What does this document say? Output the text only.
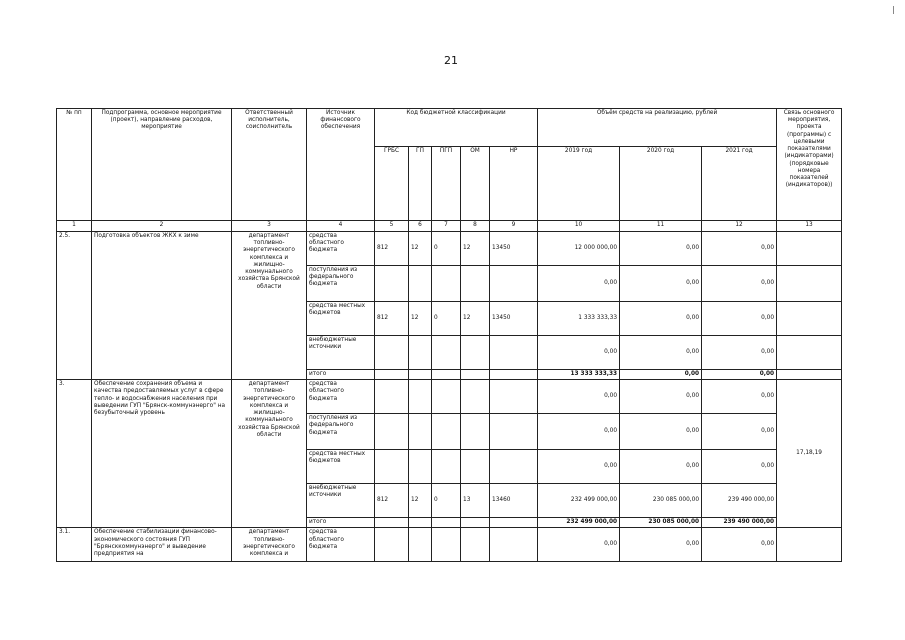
21
№ пп	Подпрограмма, основное мероприятие (проект), направление расходов, мероприятие	Ответственный исполнитель, соисполнитель	Источник финансового обеспечения	Код бюджетной классификации					Объём средств на реализацию, рублей			Связь основного мероприятия, проекта (программы) с целевыми показателями (индикаторами) (порядковые номера показателей (индикаторов))
				ГРБС	ГП	ПГП	ОМ	НР	2019 год	2020 год	2021 год	
1	2	3	4	5	6	7	8	9	10	11	12	13
2.5.	Подготовка объектов ЖКХ к зиме	департамент топливно-энергетического комплекса и жилищно-коммунального хозяйства Брянской области	средства областного бюджета	812	12	0	12	13450	12 000 000,00	0,00	0,00	
			поступления из федерального бюджета						0,00	0,00	0,00	
			средства местных бюджетов	812	12	0	12	13450	1 333 333,33	0,00	0,00	
			внебюджетные источники						0,00	0,00	0,00	
			итого						13 333 333,33	0,00	0,00	
3.	Обеспечение сохранения объема и качества предоставляемых услуг в сфере тепло- и водоснабжения населения при выведении ГУП "Брянск-коммунэнерго" на безубыточный уровень	департамент топливно-энергетического комплекса и жилищно-коммунального хозяйства Брянской области	средства областного бюджета						0,00	0,00	0,00	17,18,19
			поступления из федерального бюджета						0,00	0,00	0,00	
			средства местных бюджетов						0,00	0,00	0,00	
			внебюджетные источники	812	12	0	13	13460	232 499 000,00	230 085 000,00	239 490 000,00	
			итого						232 499 000,00	230 085 000,00	239 490 000,00	
3.1.	Обеспечение стабилизации финансово-экономического состояния ГУП "Брянсккоммунэнерго" и выведение предприятия на	департамент топливно-энергетического комплекса и	средства областного бюджета						0,00	0,00	0,00	
